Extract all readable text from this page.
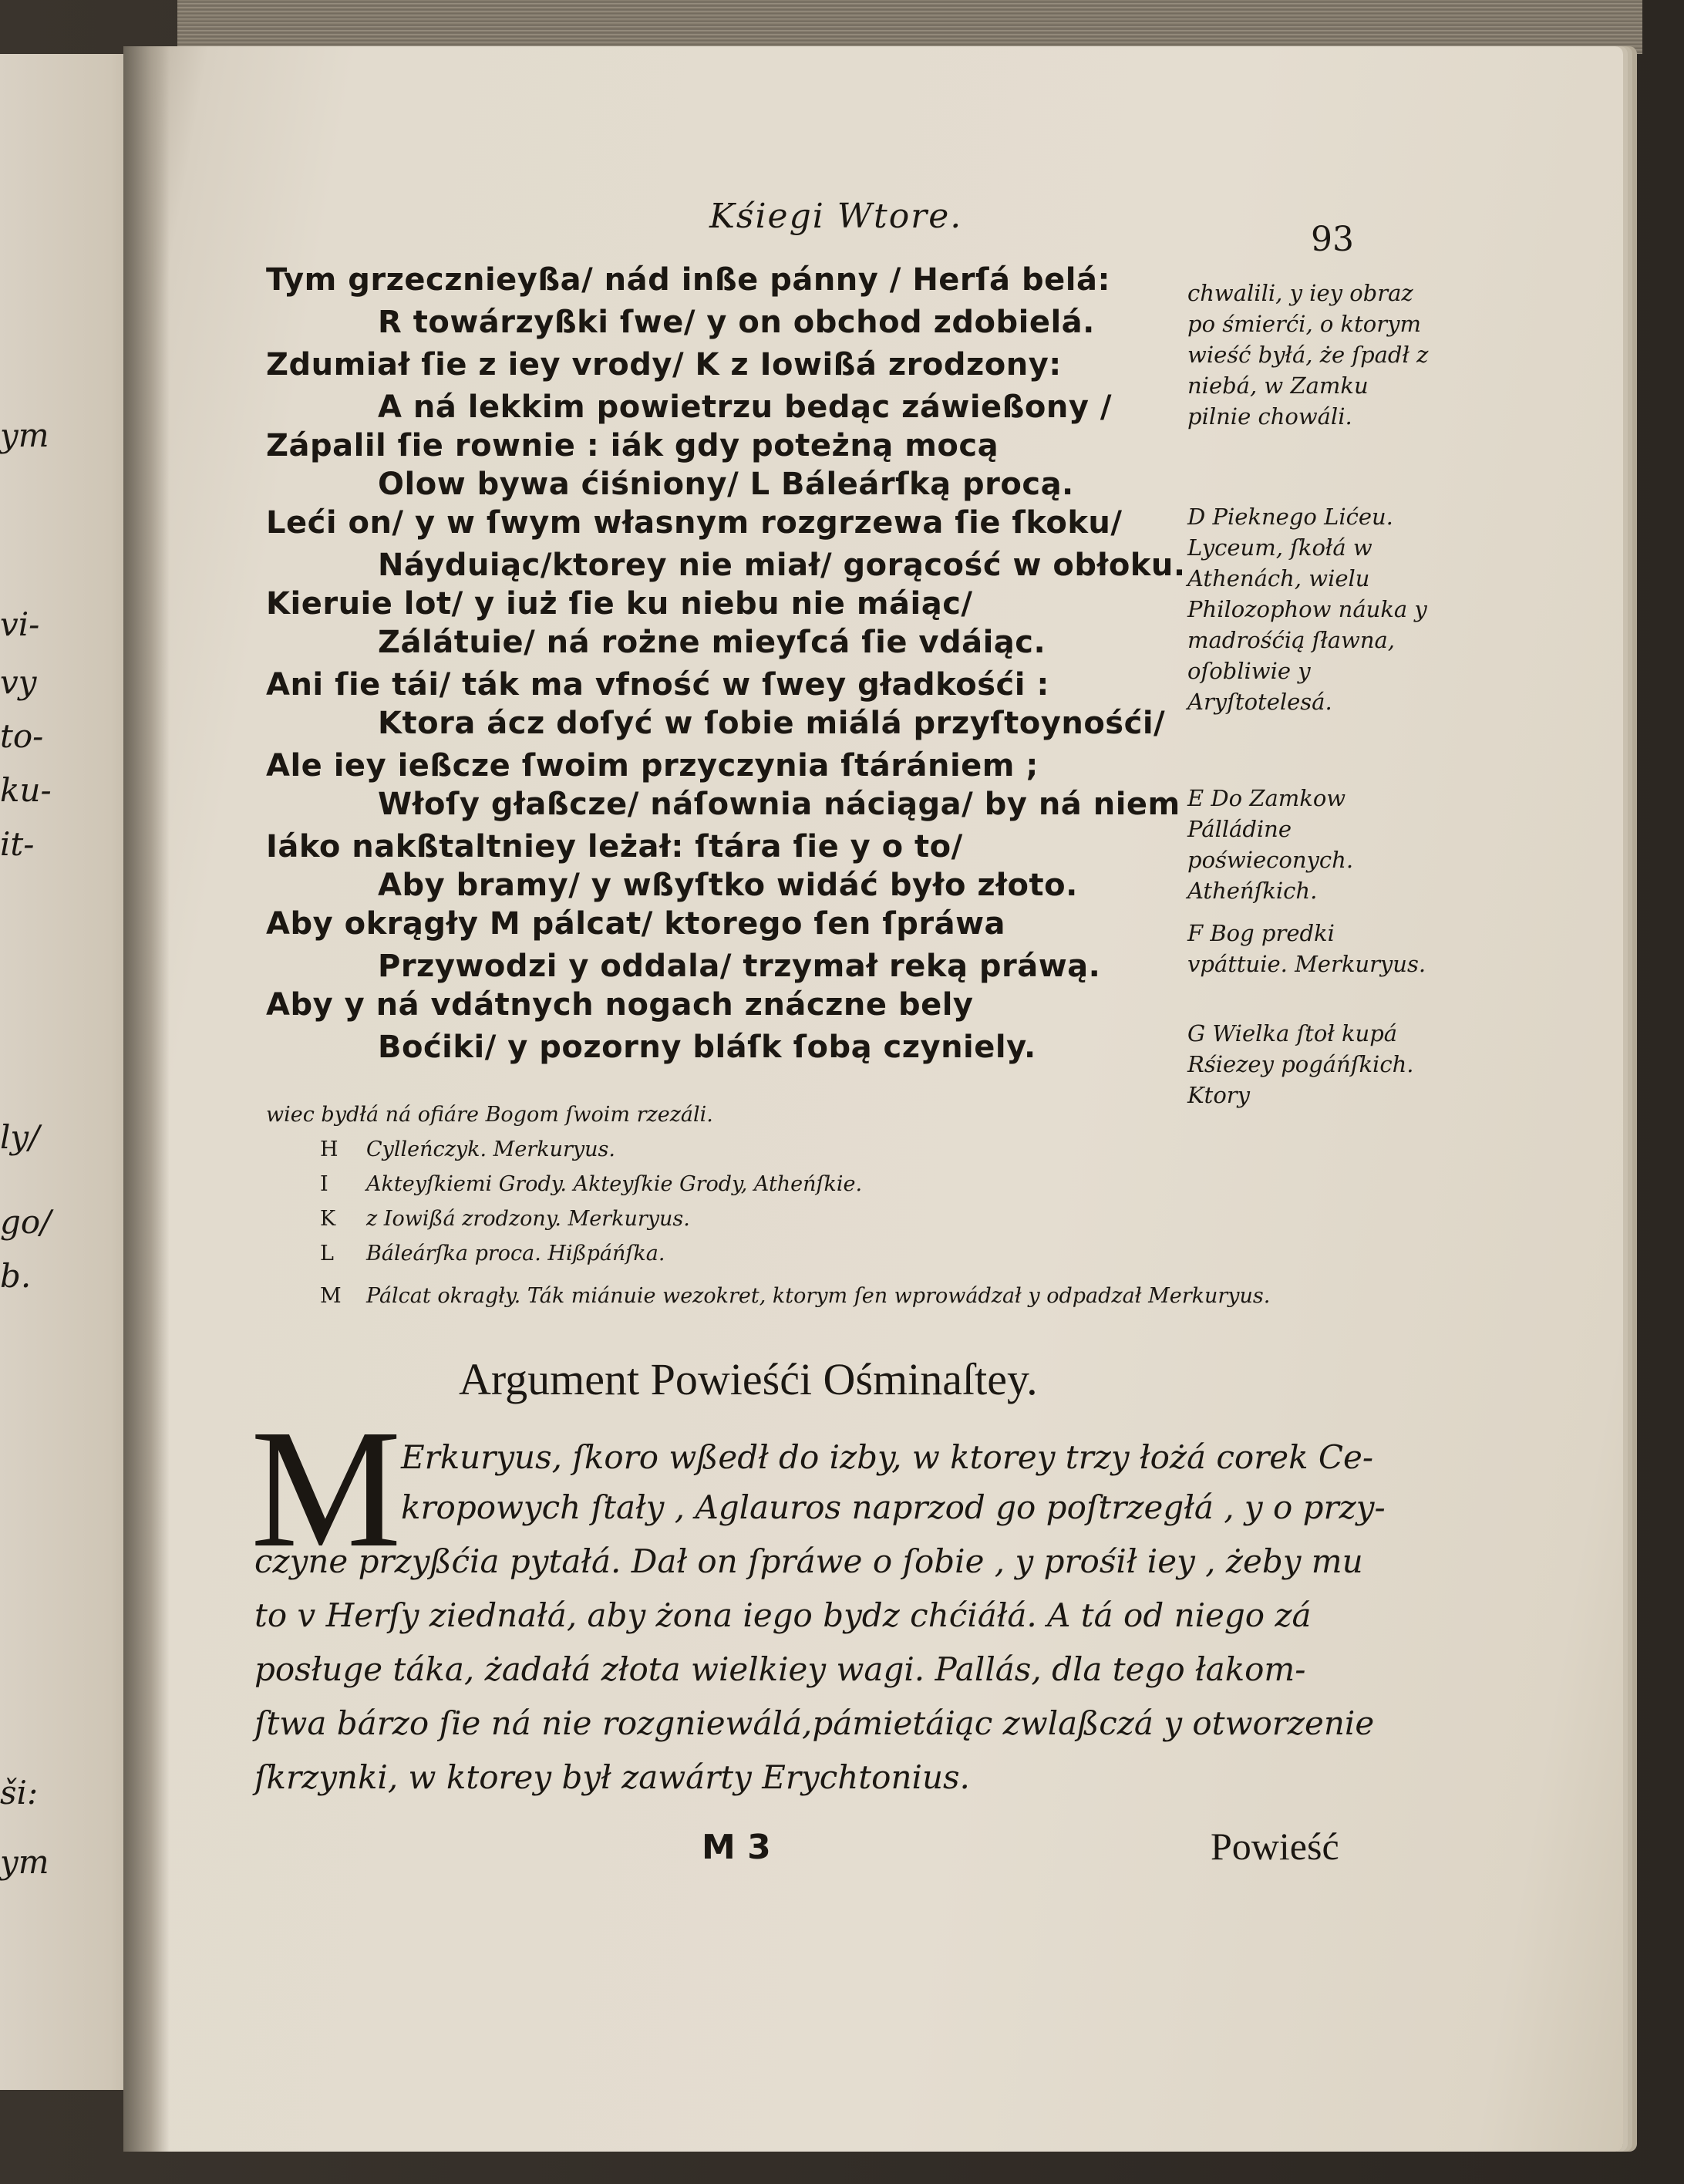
ym
vi-
vy
to-
ku-
it-
ly/
go/
b.
ši:
ym
Kśiegi Wtore.
93
Tym grzecznieyßa/ nád inße pánny / Herſá belá:
R towárzyßki ſwe/ y on obchod zdobielá.
Zdumiał ſie z iey vrody/ K z Iowißá zrodzony:
A ná lekkim powietrzu bedąc záwießony /
Zápalil ſie rownie : iák gdy poteżną mocą
Olow bywa ćiśniony/ L Báleárſką procą.
Leći on/ y w ſwym własnym rozgrzewa ſie ſkoku/
Náyduiąc/ktorey nie miał/ gorącość w obłoku.
Kieruie lot/ y iuż ſie ku niebu nie máiąc/
Zálátuie/ ná rożne mieyſcá ſie vdáiąc.
Ani ſie tái/ ták ma vfność w ſwey gładkośći :
Ktora ácz doſyć w ſobie miálá przyſtoynośći/
Ale iey ießcze ſwoim przyczynia ſtárániem ;
Włoſy głaßcze/ náſownia náciąga/ by ná niem
Iáko nakßtaltniey leżał: ſtára ſie y o to/
Aby bramy/ y wßyſtko widáć było złoto.
Aby okrągły M pálcat/ ktorego ſen ſpráwa
Przywodzi y oddala/ trzymał reką práwą.
Aby y ná vdátnych nogach znáczne bely
Boćiki/ y pozorny bláſk ſobą czyniely.
chwalili, y iey obraz po śmierći, o ktorym wieść byłá, że ſpadł z niebá, w Zamku pilnie chowáli.
D Pieknego Lićeu. Lyceum, ſkołá w Athenách, wielu Philozophow náuka y madrośćią ſławna, oſobliwie y Aryſtotelesá.
E Do Zamkow Pálládine poświeconych. Atheńſkich.
F Bog predki vpáttuie. Merkuryus.
G Wielka ſtoł kupá Rśiezey pogáńſkich. Ktory
wiec bydłá ná ofiáre Bogom ſwoim rzezáli.
H Cylleńczyk. Merkuryus.
I Akteyſkiemi Grody. Akteyſkie Grody, Atheńſkie.
K z Iowißá zrodzony. Merkuryus.
L Báleárſka proca. Hißpáńſka.
M Pálcat okragły. Ták miánuie wezokret, ktorym ſen wprowádzał y odpadzał Merkuryus.
Argument Powieśći Ośminaſtey.
M Erkuryus, ſkoro wßedł do izby, w ktorey trzy łożá corek Ce-
kropowych ſtały , Aglauros naprzod go poſtrzegłá , y o przy-
czyne przyßćia pytałá. Dał on ſpráwe o ſobie , y prośił iey , żeby mu
to v Herſy ziednałá, aby żona iego bydz chćiáłá. A tá od niego zá
posługe táka, żadałá złota wielkiey wagi. Pallás, dla tego łakom-
ſtwa bárzo ſie ná nie rozgniewálá,pámietáiąc zwlaßczá y otworzenie
ſkrzynki, w ktorey był zawárty Erychtonius.
M 3	Powieść
